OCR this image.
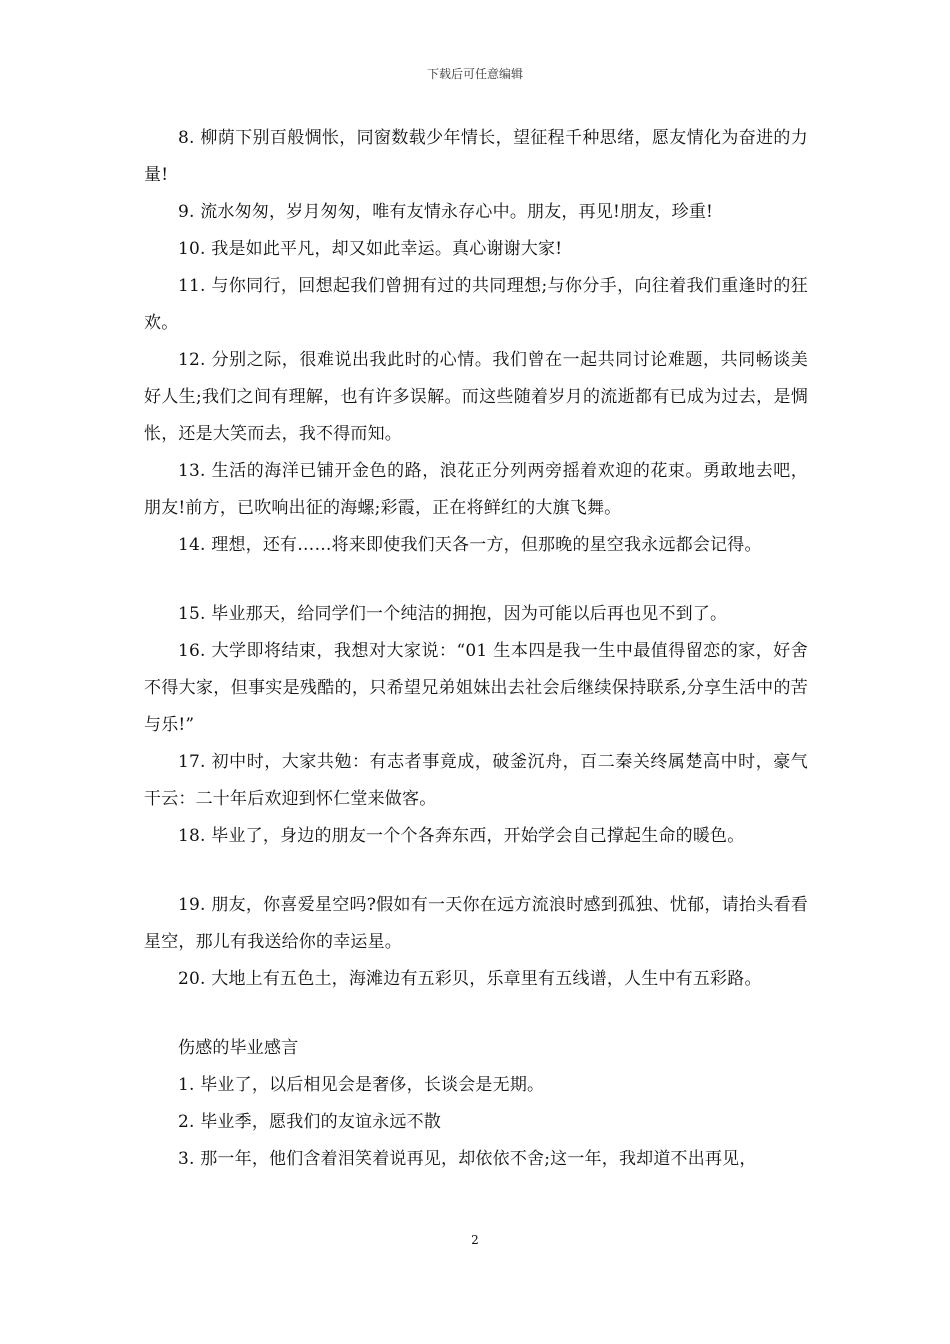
下载后可任意编辑

8. 柳荫下别百般惆怅，同窗数载少年情长，望征程千种思绪，愿友情化为奋进的力量!

9. 流水匆匆，岁月匆匆，唯有友情永存心中。朋友，再见!朋友，珍重!

10. 我是如此平凡，却又如此幸运。真心谢谢大家!

11. 与你同行，回想起我们曾拥有过的共同理想;与你分手，向往着我们重逢时的狂欢。

12. 分别之际，很难说出我此时的心情。我们曾在一起共同讨论难题，共同畅谈美好人生;我们之间有理解，也有许多误解。而这些随着岁月的流逝都有已成为过去，是惆怅，还是大笑而去，我不得而知。

13. 生活的海洋已铺开金色的路，浪花正分列两旁摇着欢迎的花束。勇敢地去吧，朋友!前方，已吹响出征的海螺;彩霞，正在将鲜红的大旗飞舞。

14. 理想，还有……将来即使我们天各一方，但那晚的星空我永远都会记得。

15. 毕业那天，给同学们一个纯洁的拥抱，因为可能以后再也见不到了。

16. 大学即将结束，我想对大家说：“01 生本四是我一生中最值得留恋的家，好舍不得大家，但事实是残酷的，只希望兄弟姐妹出去社会后继续保持联系,分享生活中的苦与乐!”

17. 初中时，大家共勉：有志者事竟成，破釜沉舟，百二秦关终属楚高中时，豪气干云：二十年后欢迎到怀仁堂来做客。

18. 毕业了，身边的朋友一个个各奔东西，开始学会自己撑起生命的暖色。

19. 朋友，你喜爱星空吗?假如有一天你在远方流浪时感到孤独、忧郁，请抬头看看星空，那儿有我送给你的幸运星。

20. 大地上有五色土，海滩边有五彩贝，乐章里有五线谱，人生中有五彩路。

伤感的毕业感言

1. 毕业了，以后相见会是奢侈，长谈会是无期。

2. 毕业季，愿我们的友谊永远不散

3. 那一年，他们含着泪笑着说再见，却依依不舍;这一年，我却道不出再见，

2
